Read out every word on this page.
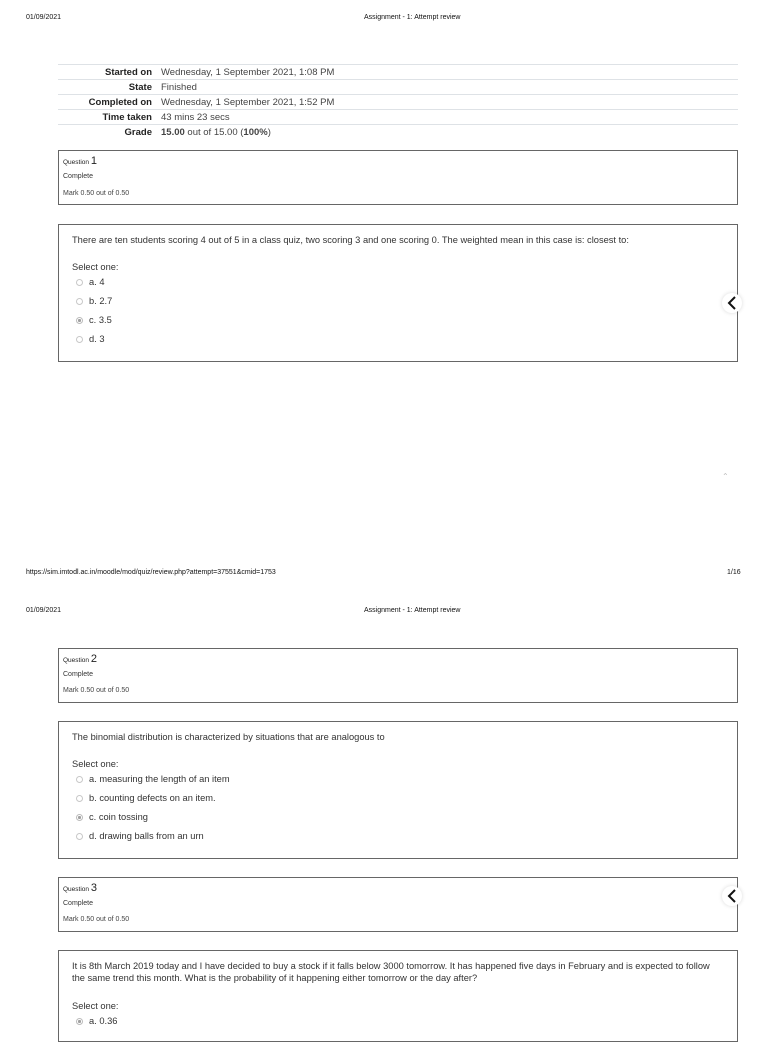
01/09/2021	Assignment - 1: Attempt review
Started on	Wednesday, 1 September 2021, 1:08 PM
State	Finished
Completed on	Wednesday, 1 September 2021, 1:52 PM
Time taken	43 mins 23 secs
Grade	15.00 out of 15.00 (100%)
Question 1
Complete
Mark 0.50 out of 0.50
There are ten students scoring 4 out of 5 in a class quiz, two scoring 3 and one scoring 0. The weighted mean in this case is: closest to:
Select one:
a. 4
b. 2.7
c. 3.5
d. 3
⌃
https://sim.imtodl.ac.in/moodle/mod/quiz/review.php?attempt=37551&cmid=1753	1/16
01/09/2021	Assignment - 1: Attempt review
Question 2
Complete
Mark 0.50 out of 0.50
The binomial distribution is characterized by situations that are analogous to
Select one:
a. measuring the length of an item
b. counting defects on an item.
c. coin tossing
d. drawing balls from an urn
Question 3
Complete
Mark 0.50 out of 0.50
It is 8th March 2019 today and I have decided to buy a stock if it falls below 3000 tomorrow. It has happened five days in February and is expected to follow the same trend this month. What is the probability of it happening either tomorrow or the day after?
Select one:
a. 0.36
